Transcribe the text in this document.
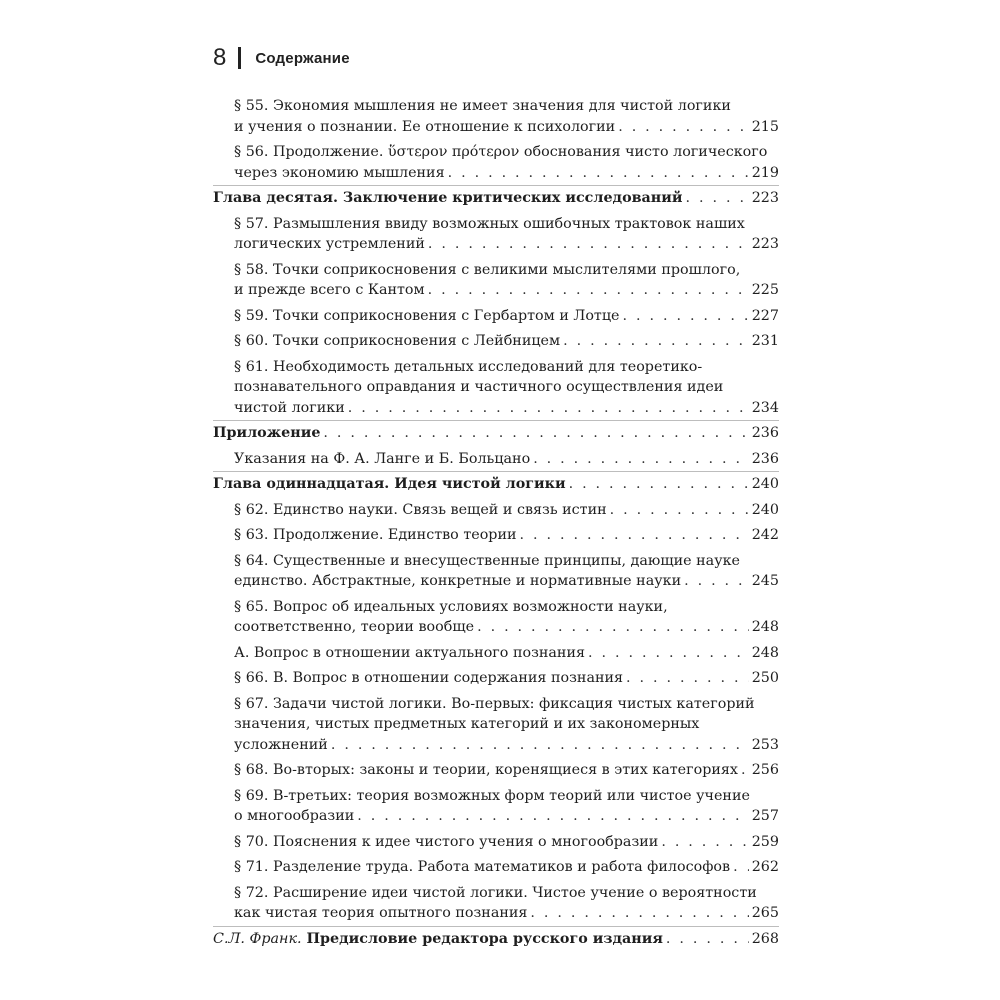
8 Содержание
§ 55. Экономия мышления не имеет значения для чистой логики
и учения о познании. Ее отношение к психологии . . .	215
§ 56. Продолжение. ὕστερον πρότερον обоснования чисто логического
через экономию мышления . . .	219
Глава десятая. Заключение критических исследований . . .	223
§ 57. Размышления ввиду возможных ошибочных трактовок наших
логических устремлений . . .	223
§ 58. Точки соприкосновения с великими мыслителями прошлого,
и прежде всего с Кантом . . .	225
§ 59. Точки соприкосновения с Гербартом и Лотце . . .	227
§ 60. Точки соприкосновения с Лейбницем . . .	231
§ 61. Необходимость детальных исследований для теоретико-
познавательного оправдания и частичного осуществления идеи
чистой логики . . .	234
Приложение . . .	236
Указания на Ф. А. Ланге и Б. Больцано . . .	236
Глава одиннадцатая. Идея чистой логики . . .	240
§ 62. Единство науки. Связь вещей и связь истин . . .	240
§ 63. Продолжение. Единство теории . . .	242
§ 64. Существенные и внесущественные принципы, дающие науке
единство. Абстрактные, конкретные и нормативные науки . . .	245
§ 65. Вопрос об идеальных условиях возможности науки,
соответственно, теории вообще . . .	248
А. Вопрос в отношении актуального познания . . .	248
§ 66. В. Вопрос в отношении содержания познания . . .	250
§ 67. Задачи чистой логики. Во-первых: фиксация чистых категорий
значения, чистых предметных категорий и их закономерных
усложнений . . .	253
§ 68. Во-вторых: законы и теории, коренящиеся в этих категориях . . . 256
§ 69. В-третьих: теория возможных форм теорий или чистое учение
о многообразии . . .	257
§ 70. Пояснения к идее чистого учения о многообразии . . .	259
§ 71. Разделение труда. Работа математиков и работа философов . . . 262
§ 72. Расширение идеи чистой логики. Чистое учение о вероятности
как чистая теория опытного познания . . .	265
С.Л. Франк. Предисловие редактора русского издания . . .	268
